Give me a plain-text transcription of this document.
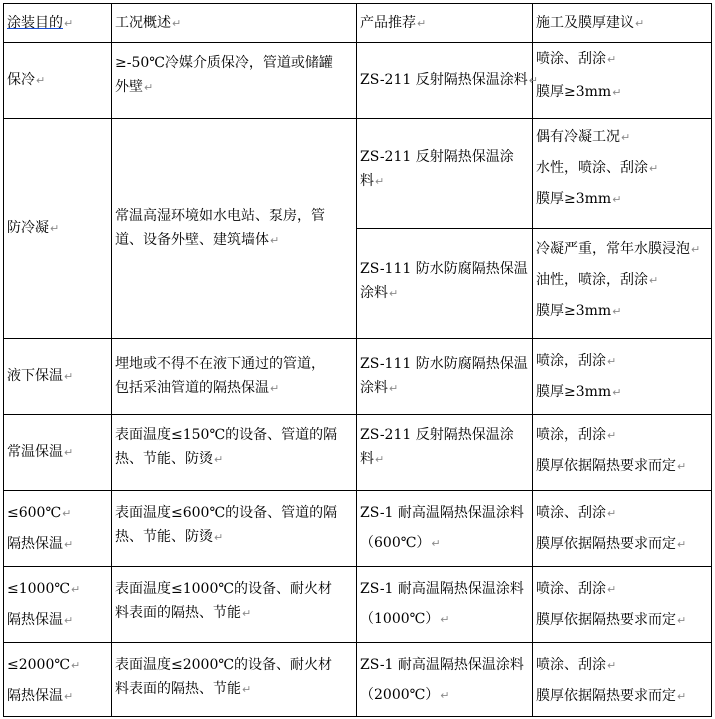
涂装目的↵	工况概述↵	产品推荐↵	施工及膜厚建议↵

保冷↵	≥-50℃冷媒介质保冷，管道或储罐
外壁↵	ZS-211 反射隔热保温涂料↵	喷涂、刮涂↵
膜厚≥3mm↵

防冷凝↵	常温高湿环境如水电站、泵房，管
道、设备外壁、建筑墙体↵	ZS-211 反射隔热保温涂
料↵	偶有冷凝工况↵
水性，喷涂、刮涂↵
膜厚≥3mm↵

		ZS-111 防水防腐隔热保温
涂料↵	冷凝严重，常年水膜浸泡↵
油性，喷涂，刮涂↵
膜厚≥3mm↵

液下保温↵	埋地或不得不在液下通过的管道，
包括采油管道的隔热保温↵	ZS-111 防水防腐隔热保温
涂料↵	喷涂，刮涂↵
膜厚≥3mm↵

常温保温↵	表面温度≤150℃的设备、管道的隔
热、节能、防烫↵	ZS-211 反射隔热保温涂
料↵	喷涂，刮涂↵
膜厚依据隔热要求而定↵

≤600℃↵
隔热保温↵	表面温度≤600℃的设备、管道的隔
热、节能、防烫↵	ZS-1 耐高温隔热保温涂料
（600℃）↵	喷涂、刮涂↵
膜厚依据隔热要求而定↵

≤1000℃↵
隔热保温↵	表面温度≤1000℃的设备、耐火材
料表面的隔热、节能↵	ZS-1 耐高温隔热保温涂料
（1000℃）↵	喷涂、刮涂↵
膜厚依据隔热要求而定↵

≤2000℃↵
隔热保温↵	表面温度≤2000℃的设备、耐火材
料表面的隔热、节能↵	ZS-1 耐高温隔热保温涂料
（2000℃）↵	喷涂、刮涂↵
膜厚依据隔热要求而定↵
